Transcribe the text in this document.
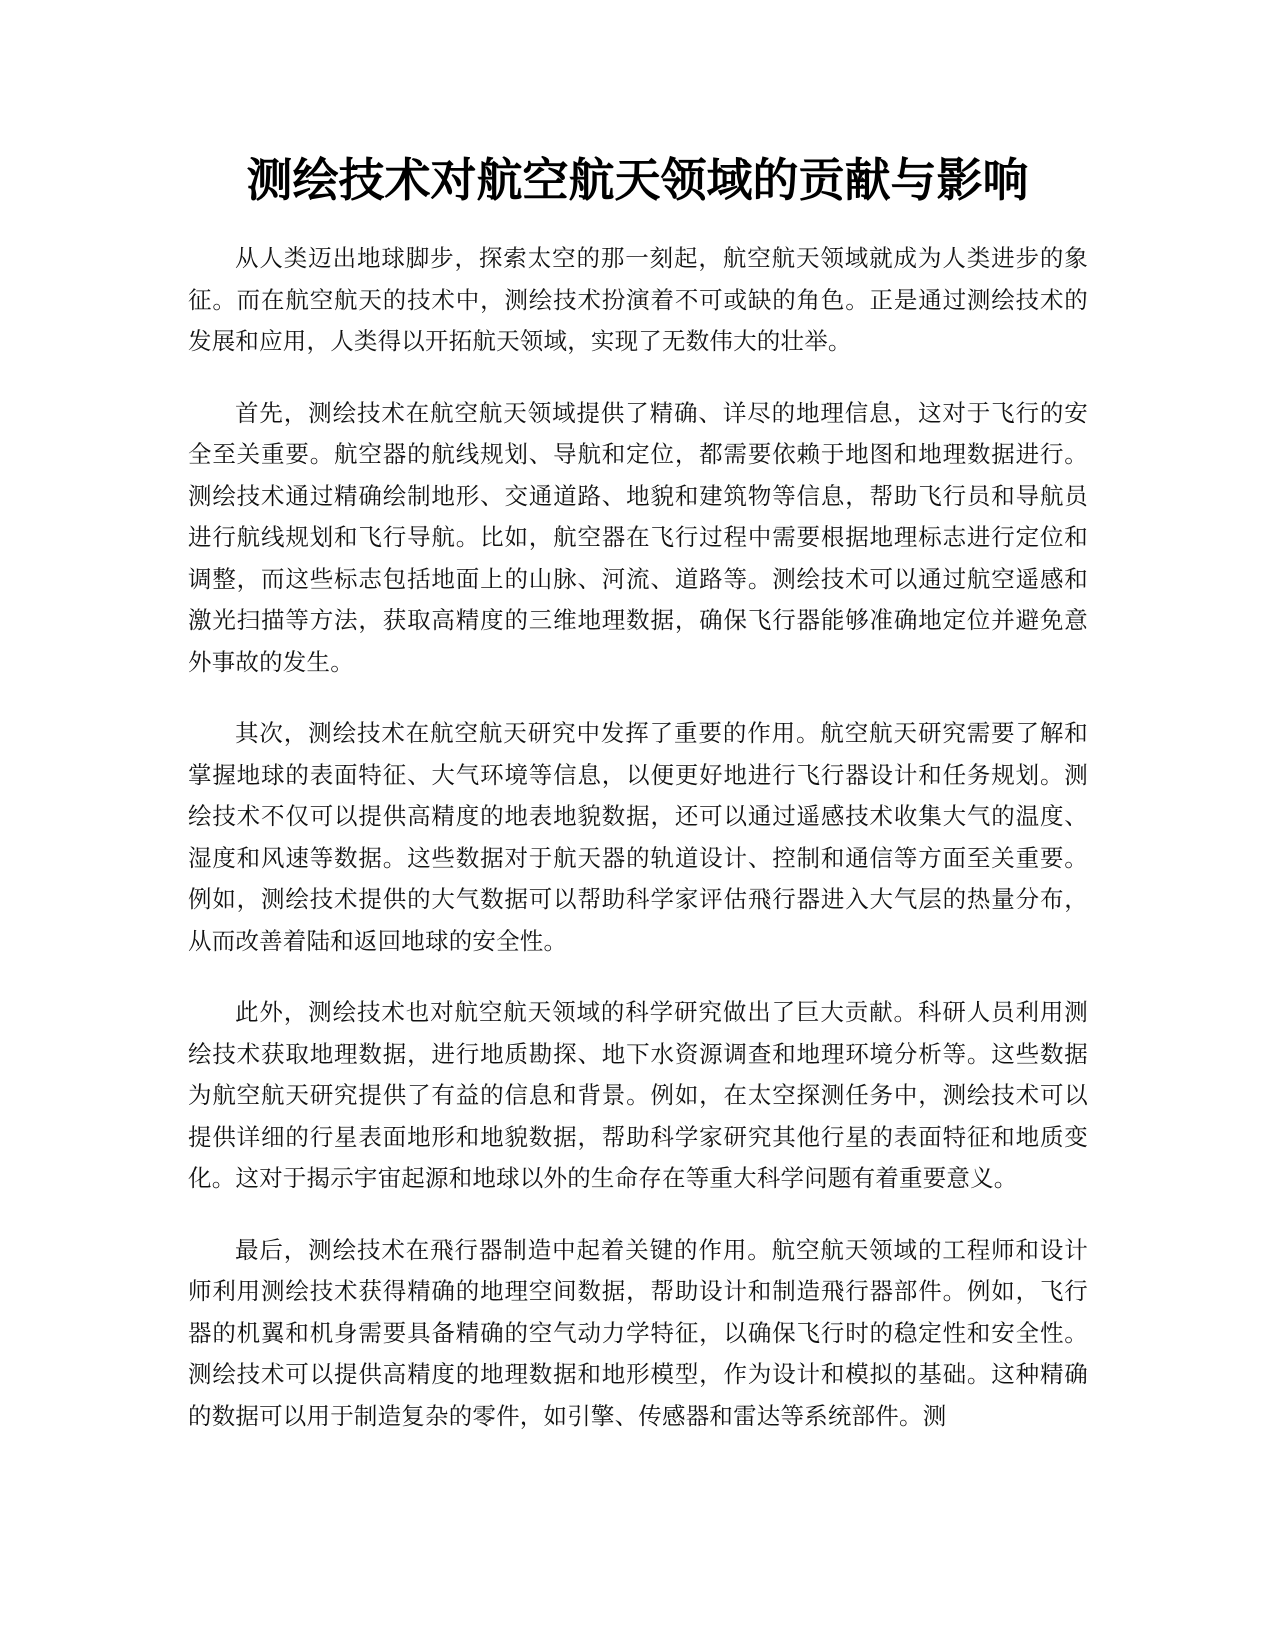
测绘技术对航空航天领域的贡献与影响

从人类迈出地球脚步，探索太空的那一刻起，航空航天领域就成为人类进步的象征。而在航空航天的技术中，测绘技术扮演着不可或缺的角色。正是通过测绘技术的发展和应用，人类得以开拓航天领域，实现了无数伟大的壮举。

首先，测绘技术在航空航天领域提供了精确、详尽的地理信息，这对于飞行的安全至关重要。航空器的航线规划、导航和定位，都需要依赖于地图和地理数据进行。测绘技术通过精确绘制地形、交通道路、地貌和建筑物等信息，帮助飞行员和导航员进行航线规划和飞行导航。比如，航空器在飞行过程中需要根据地理标志进行定位和调整，而这些标志包括地面上的山脉、河流、道路等。测绘技术可以通过航空遥感和激光扫描等方法，获取高精度的三维地理数据，确保飞行器能够准确地定位并避免意外事故的发生。

其次，测绘技术在航空航天研究中发挥了重要的作用。航空航天研究需要了解和掌握地球的表面特征、大气环境等信息，以便更好地进行飞行器设计和任务规划。测绘技术不仅可以提供高精度的地表地貌数据，还可以通过遥感技术收集大气的温度、湿度和风速等数据。这些数据对于航天器的轨道设计、控制和通信等方面至关重要。例如，测绘技术提供的大气数据可以帮助科学家评估飛行器进入大气层的热量分布，从而改善着陆和返回地球的安全性。

此外，测绘技术也对航空航天领域的科学研究做出了巨大贡献。科研人员利用测绘技术获取地理数据，进行地质勘探、地下水资源调查和地理环境分析等。这些数据为航空航天研究提供了有益的信息和背景。例如，在太空探测任务中，测绘技术可以提供详细的行星表面地形和地貌数据，帮助科学家研究其他行星的表面特征和地质变化。这对于揭示宇宙起源和地球以外的生命存在等重大科学问题有着重要意义。

最后，测绘技术在飛行器制造中起着关键的作用。航空航天领域的工程师和设计师利用测绘技术获得精确的地理空间数据，帮助设计和制造飛行器部件。例如，飞行器的机翼和机身需要具备精确的空气动力学特征，以确保飞行时的稳定性和安全性。测绘技术可以提供高精度的地理数据和地形模型，作为设计和模拟的基础。这种精确的数据可以用于制造复杂的零件，如引擎、传感器和雷达等系统部件。测
